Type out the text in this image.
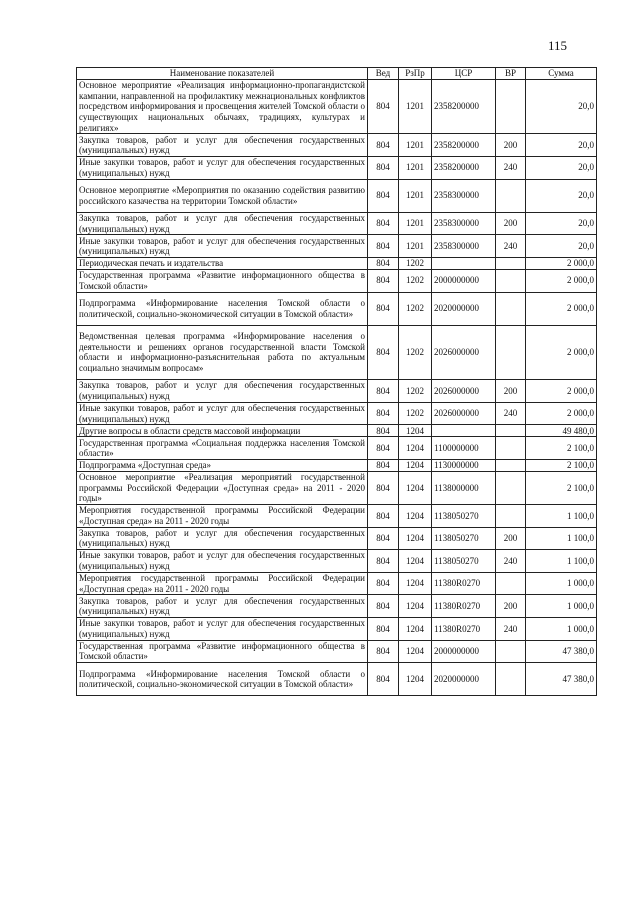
115
Наименование показателей	Вед	РзПр	ЦСР	ВР	Сумма
Основное мероприятие «Реализация информационно-пропагандистской кампании, направленной на профилактику межнациональных конфликтов посредством информирования и просвещения жителей Томской области о существующих национальных обычаях, традициях, культурах и религиях»	804	1201	2358200000		20,0
Закупка товаров, работ и услуг для обеспечения государственных (муниципальных) нужд	804	1201	2358200000	200	20,0
Иные закупки товаров, работ и услуг для обеспечения государственных (муниципальных) нужд	804	1201	2358200000	240	20,0
Основное мероприятие «Мероприятия по оказанию содействия развитию российского казачества на территории Томской области»	804	1201	2358300000		20,0
Закупка товаров, работ и услуг для обеспечения государственных (муниципальных) нужд	804	1201	2358300000	200	20,0
Иные закупки товаров, работ и услуг для обеспечения государственных (муниципальных) нужд	804	1201	2358300000	240	20,0
Периодическая печать и издательства	804	1202			2 000,0
Государственная программа «Развитие информационного общества в Томской области»	804	1202	2000000000		2 000,0
Подпрограмма «Информирование населения Томской области о политической, социально-экономической ситуации в Томской области»	804	1202	2020000000		2 000,0
Ведомственная целевая программа «Информирование населения о деятельности и решениях органов государственной власти Томской области и информационно-разъяснительная работа по актуальным социально значимым вопросам»	804	1202	2026000000		2 000,0
Закупка товаров, работ и услуг для обеспечения государственных (муниципальных) нужд	804	1202	2026000000	200	2 000,0
Иные закупки товаров, работ и услуг для обеспечения государственных (муниципальных) нужд	804	1202	2026000000	240	2 000,0
Другие вопросы в области средств массовой информации	804	1204			49 480,0
Государственная программа «Социальная поддержка населения Томской области»	804	1204	1100000000		2 100,0
Подпрограмма «Доступная среда»	804	1204	1130000000		2 100,0
Основное мероприятие «Реализация мероприятий государственной программы Российской Федерации «Доступная среда» на 2011 - 2020 годы»	804	1204	1138000000		2 100,0
Мероприятия государственной программы Российской Федерации «Доступная среда» на 2011 - 2020 годы	804	1204	1138050270		1 100,0
Закупка товаров, работ и услуг для обеспечения государственных (муниципальных) нужд	804	1204	1138050270	200	1 100,0
Иные закупки товаров, работ и услуг для обеспечения государственных (муниципальных) нужд	804	1204	1138050270	240	1 100,0
Мероприятия государственной программы Российской Федерации «Доступная среда» на 2011 - 2020 годы	804	1204	11380R0270		1 000,0
Закупка товаров, работ и услуг для обеспечения государственных (муниципальных) нужд	804	1204	11380R0270	200	1 000,0
Иные закупки товаров, работ и услуг для обеспечения государственных (муниципальных) нужд	804	1204	11380R0270	240	1 000,0
Государственная программа «Развитие информационного общества в Томской области»	804	1204	2000000000		47 380,0
Подпрограмма «Информирование населения Томской области о политической, социально-экономической ситуации в Томской области»	804	1204	2020000000		47 380,0
